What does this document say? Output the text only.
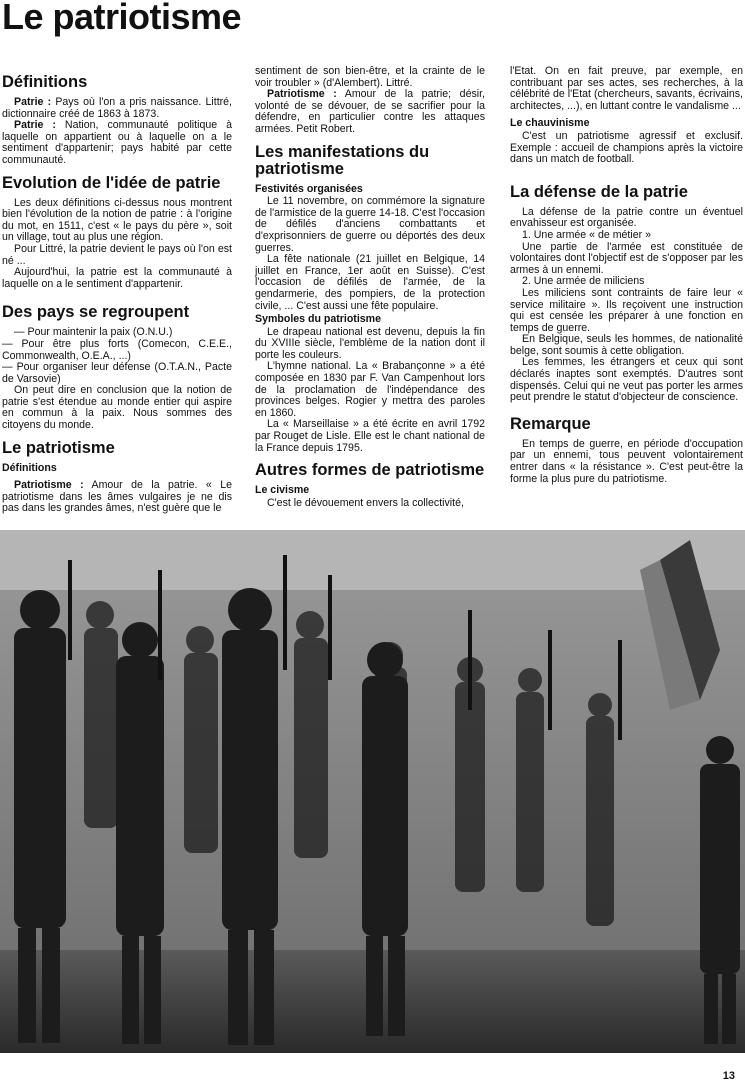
Le patriotisme
Définitions

Patrie : Pays où l'on a pris naissance. Littré, dictionnaire créé de 1863 à 1873.

Patrie : Nation, communauté politique à laquelle on appartient ou à laquelle on a le sentiment d'appartenir; pays habité par cette communauté.

Evolution de l'idée de patrie

Les deux définitions ci-dessus nous montrent bien l'évolution de la notion de patrie : à l'origine du mot, en 1511, c'est « le pays du père », soit un village, tout au plus une région.

Pour Littré, la patrie devient le pays où l'on est né ...

Aujourd'hui, la patrie est la communauté à laquelle on a le sentiment d'appartenir.

Des pays se regroupent

— Pour maintenir la paix (O.N.U.)

— Pour être plus forts (Comecon, C.E.E., Commonwealth, O.E.A., ...)

— Pour organiser leur défense (O.T.A.N., Pacte de Varsovie)

On peut dire en conclusion que la notion de patrie s'est étendue au monde entier qui aspire en commun à la paix. Nous sommes des citoyens du monde.

Le patriotisme
Définitions

Patriotisme : Amour de la patrie. « Le patriotisme dans les âmes vulgaires je ne dis pas dans les grandes âmes, n'est guère que le

sentiment de son bien-être, et la crainte de le voir troubler » (d'Alembert). Littré.

Patriotisme : Amour de la patrie; désir, volonté de se dévouer, de se sacrifier pour la défendre, en particulier contre les attaques armées. Petit Robert.

Les manifestations du patriotisme
Festivités organisées

Le 11 novembre, on commémore la signature de l'armistice de la guerre 14-18. C'est l'occasion de défilés d'anciens combattants et d'exprisonniers de guerre ou déportés des deux guerres.

La fête nationale (21 juillet en Belgique, 14 juillet en France, 1er août en Suisse). C'est l'occasion de défilés de l'armée, de la gendarmerie, des pompiers, de la protection civile, ... C'est aussi une fête populaire.

Symboles du patriotisme

Le drapeau national est devenu, depuis la fin du XVIIIe siècle, l'emblème de la nation dont il porte les couleurs.

L'hymne national. La « Brabançonne » a été composée en 1830 par F. Van Campenhout lors de la proclamation de l'indépendance des provinces belges. Rogier y mettra des paroles en 1860.

La « Marseillaise » a été écrite en avril 1792 par Rouget de Lisle. Elle est le chant national de la France depuis 1795.

Autres formes de patriotisme
Le civisme

C'est le dévouement envers la collectivité,

l'Etat. On en fait preuve, par exemple, en contribuant par ses actes, ses recherches, à la célébrité de l'Etat (chercheurs, savants, écrivains, architectes, ...), en luttant contre le vandalisme ...

Le chauvinisme

C'est un patriotisme agressif et exclusif. Exemple : accueil de champions après la victoire dans un match de football.

La défense de la patrie

La défense de la patrie contre un éventuel envahisseur est organisée.

1. Une armée « de métier »

Une partie de l'armée est constituée de volontaires dont l'objectif est de s'opposer par les armes à un ennemi.

2. Une armée de miliciens

Les miliciens sont contraints de faire leur « service militaire ». Ils reçoivent une instruction qui est censée les préparer à une fonction en temps de guerre.

En Belgique, seuls les hommes, de nationalité belge, sont soumis à cette obligation.

Les femmes, les étrangers et ceux qui sont déclarés inaptes sont exemptés. D'autres sont dispensés. Celui qui ne veut pas porter les armes peut prendre le statut d'objecteur de conscience.

Remarque

En temps de guerre, en période d'occupation par un ennemi, tous peuvent volontairement entrer dans « la résistance ». C'est peut-être la forme la plus pure du patriotisme.

13
